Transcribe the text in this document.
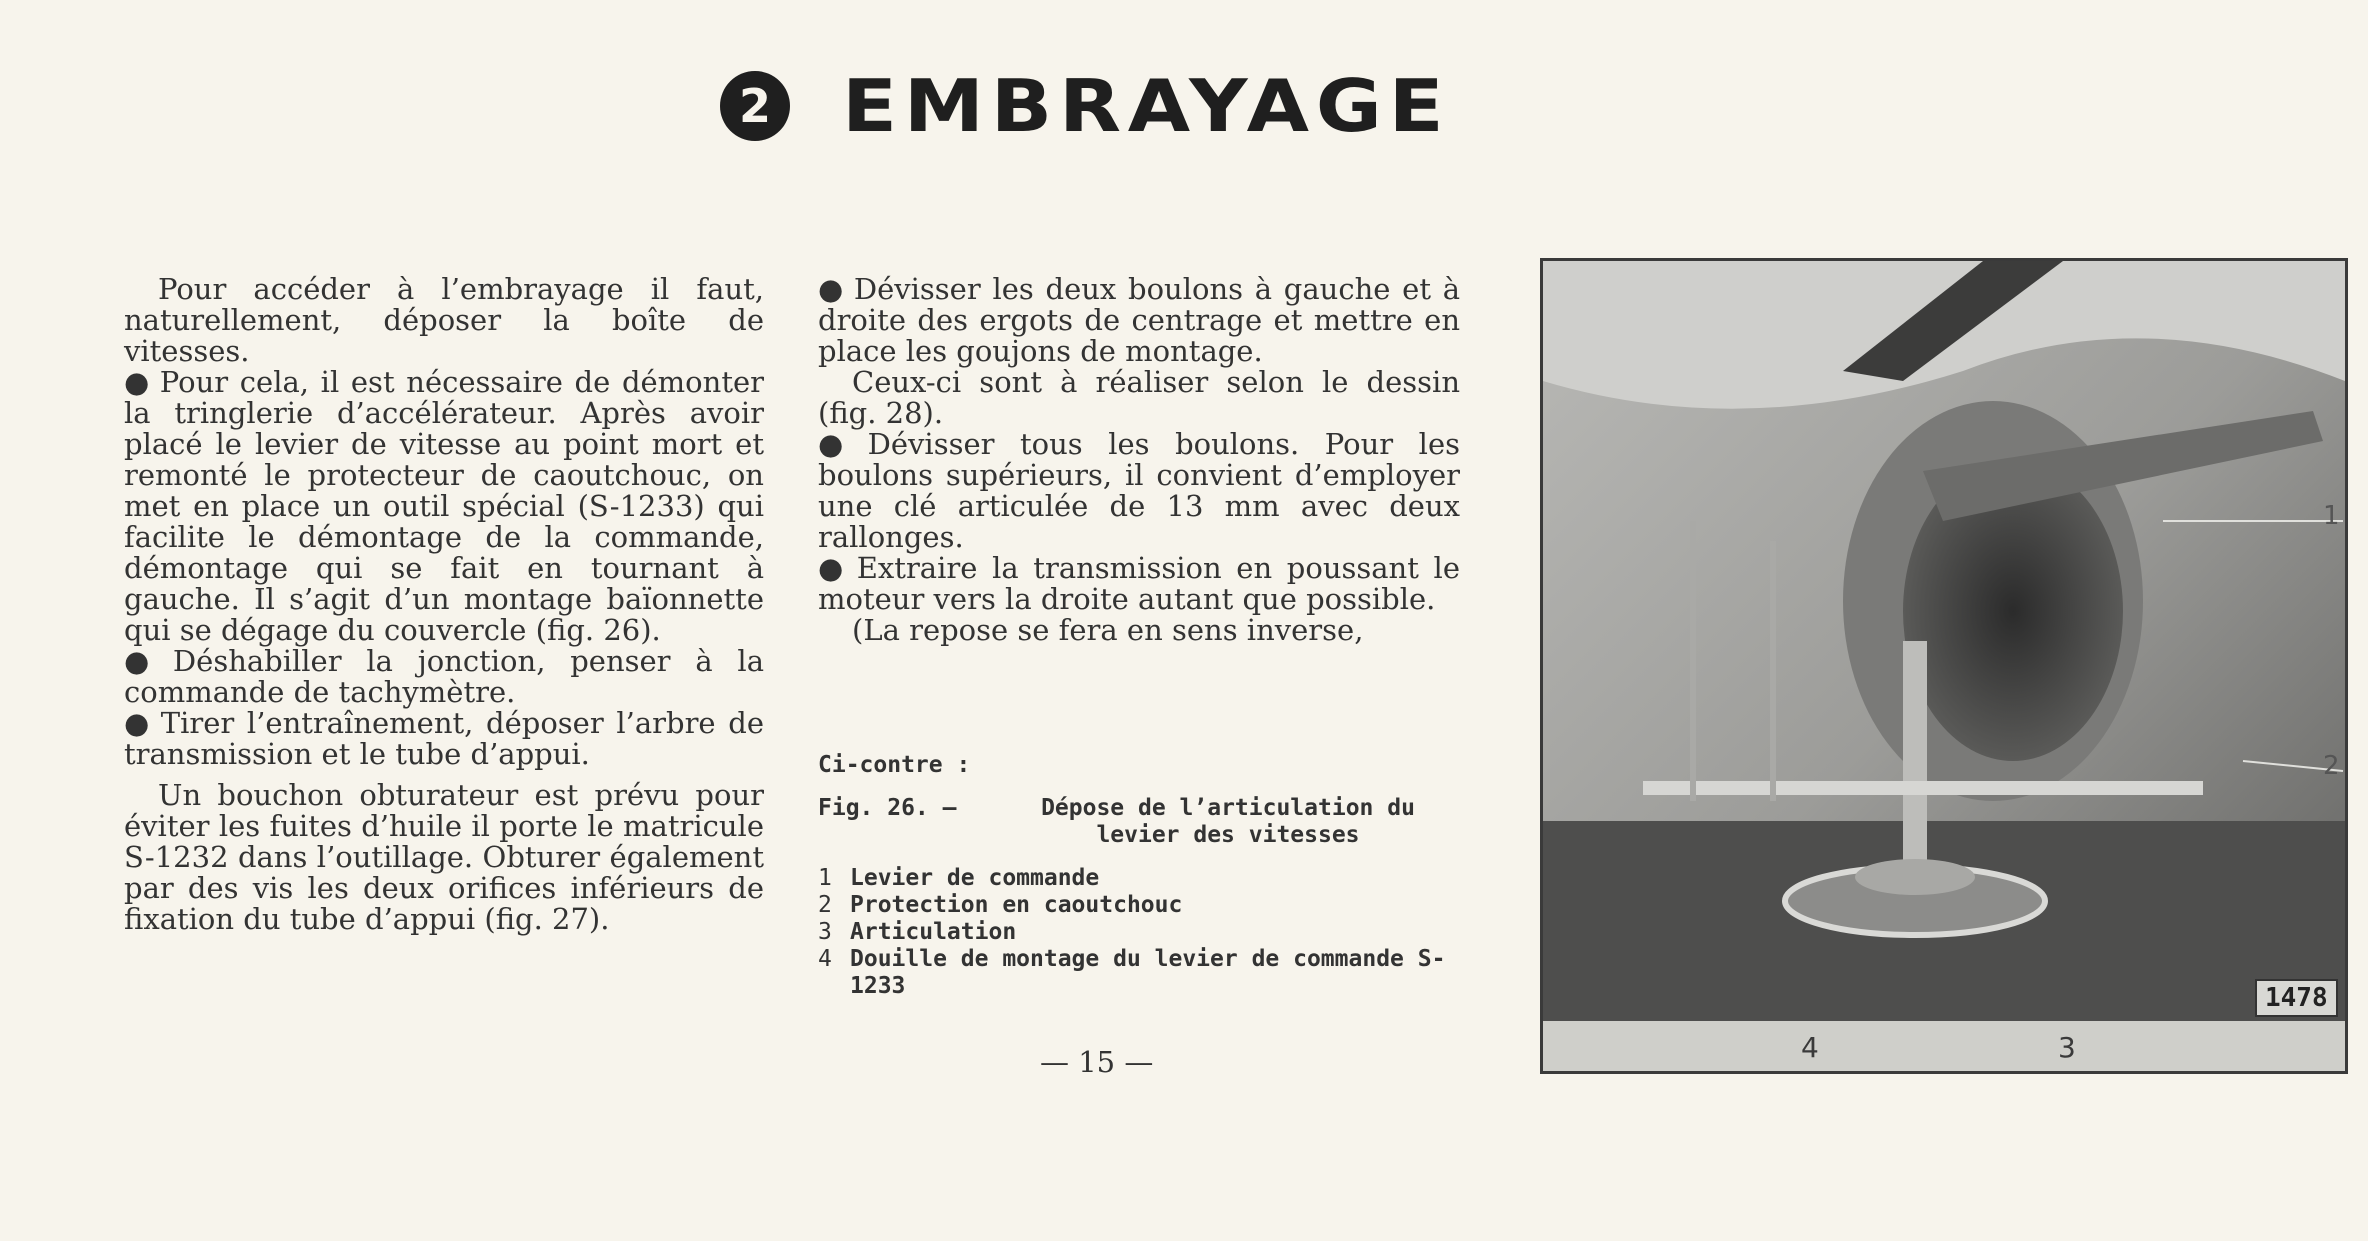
2 EMBRAYAGE

Pour accéder à l’embrayage il faut, naturellement, déposer la boîte de vitesses.

● Pour cela, il est nécessaire de démonter la tringlerie d’accélérateur. Après avoir placé le levier de vitesse au point mort et remonté le protecteur de caoutchouc, on met en place un outil spécial (S-1233) qui facilite le démontage de la commande, démontage qui se fait en tournant à gauche. Il s’agit d’un montage baïonnette qui se dégage du couvercle (fig. 26).

● Déshabiller la jonction, penser à la commande de tachymètre.

● Tirer l’entraînement, déposer l’arbre de transmission et le tube d’appui.

Un bouchon obturateur est prévu pour éviter les fuites d’huile il porte le matricule S-1232 dans l’outillage. Obturer également par des vis les deux orifices inférieurs de fixation du tube d’appui (fig. 27).

● Dévisser les deux boulons à gauche et à droite des ergots de centrage et mettre en place les goujons de montage.

Ceux-ci sont à réaliser selon le dessin (fig. 28).

● Dévisser tous les boulons. Pour les boulons supérieurs, il convient d’employer une clé articulée de 13 mm avec deux rallonges.

● Extraire la transmission en poussant le moteur vers la droite autant que possible.

(La repose se fera en sens inverse,

Ci-contre :
Fig. 26. —	Dépose de l’articulation du levier des vitesses
1 Levier de commande
2 Protection en caoutchouc
3 Articulation
4 Douille de montage du levier de commande S-1233
— 15 —
1
2
1478
4	3
